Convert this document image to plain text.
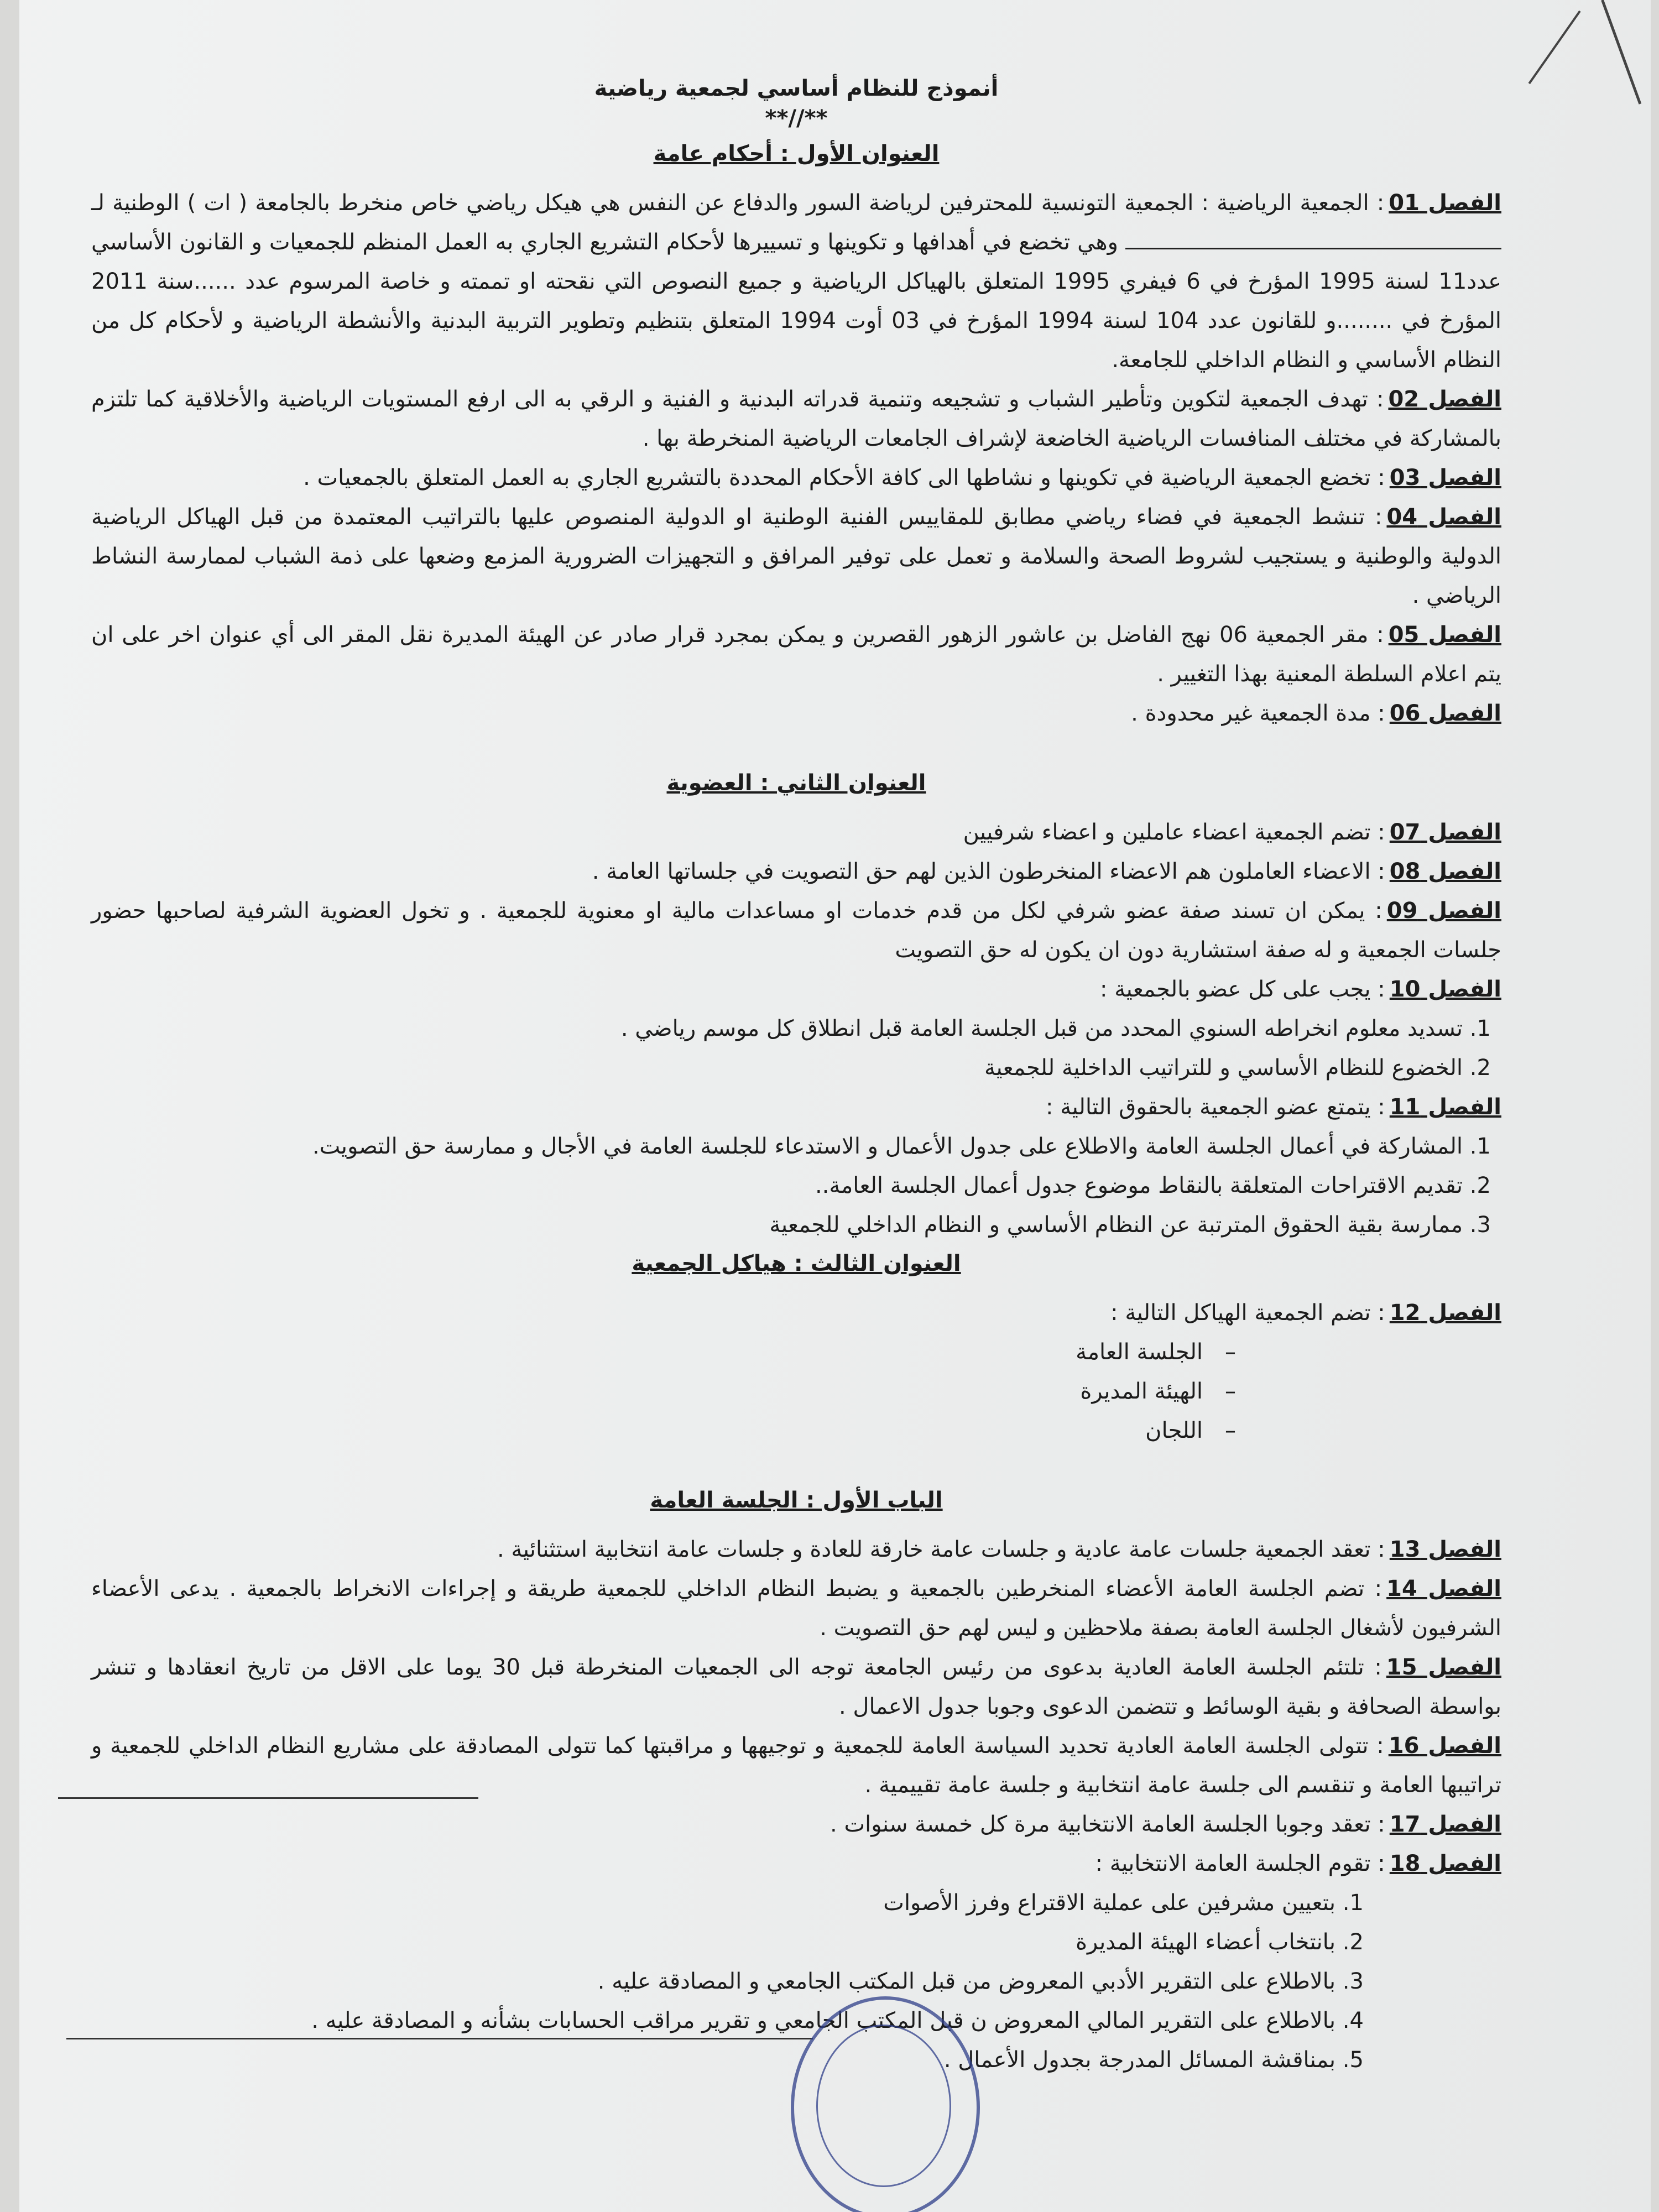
أنموذج للنظام أساسي لجمعية رياضية

**//**

العنوان الأول : أحكام عامة

الفصل 01: الجمعية الرياضية : الجمعية التونسية للمحترفين لرياضة السور والدفاع عن النفس هي هيكل رياضي خاص منخرط بالجامعة ( ات ) الوطنية لـ  وهي تخضع في أهدافها و تكوينها و تسييرها لأحكام التشريع الجاري به العمل المنظم للجمعيات و القانون الأساسي عدد11 لسنة 1995 المؤرخ في 6 فيفري 1995 المتعلق بالهياكل الرياضية و جميع النصوص التي نقحته او تممته و خاصة المرسوم عدد ......سنة 2011 المؤرخ في ........و للقانون عدد 104 لسنة 1994 المؤرخ في 03 أوت 1994 المتعلق بتنظيم وتطوير التربية البدنية والأنشطة الرياضية و لأحكام كل من النظام الأساسي و النظام الداخلي للجامعة.

الفصل 02: تهدف الجمعية لتكوين وتأطير الشباب و تشجيعه وتنمية قدراته البدنية و الفنية و الرقي به الى ارفع المستويات الرياضية والأخلاقية كما تلتزم بالمشاركة في مختلف المنافسات الرياضية الخاضعة لإشراف الجامعات الرياضية المنخرطة بها .

الفصل 03: تخضع الجمعية الرياضية في تكوينها و نشاطها الى كافة الأحكام المحددة بالتشريع الجاري به العمل المتعلق بالجمعيات .

الفصل 04: تنشط الجمعية في فضاء رياضي مطابق للمقاييس الفنية الوطنية او الدولية المنصوص عليها بالتراتيب المعتمدة من قبل الهياكل الرياضية الدولية والوطنية و يستجيب لشروط الصحة والسلامة و تعمل على توفير المرافق و التجهيزات الضرورية المزمع وضعها على ذمة الشباب لممارسة النشاط الرياضي .

الفصل 05: مقر الجمعية 06 نهج الفاضل بن عاشور الزهور القصرين و يمكن بمجرد قرار صادر عن الهيئة المديرة نقل المقر الى أي عنوان اخر على ان يتم اعلام السلطة المعنية بهذا التغيير .

الفصل 06: مدة الجمعية غير محدودة .

العنوان الثاني : العضوية

الفصل 07: تضم الجمعية اعضاء عاملين و اعضاء شرفيين

الفصل 08: الاعضاء العاملون هم الاعضاء المنخرطون الذين لهم حق التصويت في جلساتها العامة .

الفصل 09: يمكن ان تسند صفة عضو شرفي لكل من قدم خدمات او مساعدات مالية او معنوية للجمعية . و تخول العضوية الشرفية لصاحبها حضور جلسات الجمعية و له صفة استشارية دون ان يكون له حق التصويت

الفصل 10: يجب على كل عضو بالجمعية :

1. تسديد معلوم انخراطه السنوي المحدد من قبل الجلسة العامة قبل انطلاق كل موسم رياضي .
2. الخضوع للنظام الأساسي و للتراتيب الداخلية للجمعية

الفصل 11: يتمتع عضو الجمعية بالحقوق التالية :

1. المشاركة في أعمال الجلسة العامة والاطلاع على جدول الأعمال و الاستدعاء للجلسة العامة في الأجال و ممارسة حق التصويت.
2. تقديم الاقتراحات المتعلقة بالنقاط موضوع جدول أعمال الجلسة العامة..
3. ممارسة بقية الحقوق المترتبة عن النظام الأساسي و النظام الداخلي للجمعية

العنوان الثالث : هياكل الجمعية

الفصل 12: تضم الجمعية الهياكل التالية :

– الجلسة العامة
– الهيئة المديرة
– اللجان

الباب الأول : الجلسة العامة

الفصل 13: تعقد الجمعية جلسات عامة عادية و جلسات عامة خارقة للعادة و جلسات عامة انتخابية استثنائية .

الفصل 14: تضم الجلسة العامة الأعضاء المنخرطين بالجمعية و يضبط النظام الداخلي للجمعية طريقة و إجراءات الانخراط بالجمعية . يدعى الأعضاء الشرفيون لأشغال الجلسة العامة بصفة ملاحظين و ليس لهم حق التصويت .

الفصل 15: تلتئم الجلسة العامة العادية بدعوى من رئيس الجامعة توجه الى الجمعيات المنخرطة قبل 30 يوما على الاقل من تاريخ انعقادها و تنشر بواسطة الصحافة و بقية الوسائط و تتضمن الدعوى وجوبا جدول الاعمال .

الفصل 16: تتولى الجلسة العامة العادية تحديد السياسة العامة للجمعية و توجيهها و مراقبتها كما تتولى المصادقة على مشاريع النظام الداخلي للجمعية و تراتيبها العامة و تنقسم الى جلسة عامة انتخابية و جلسة عامة تقييمية .

الفصل 17: تعقد وجوبا الجلسة العامة الانتخابية مرة كل خمسة سنوات .

الفصل 18: تقوم الجلسة العامة الانتخابية :

1. بتعيين مشرفين على عملية الاقتراع وفرز الأصوات
2. بانتخاب أعضاء الهيئة المديرة
3. بالاطلاع على التقرير الأدبي المعروض من قبل المكتب الجامعي و المصادقة عليه .
4. بالاطلاع على التقرير المالي المعروض ن قبل المكتب الجامعي و تقرير مراقب الحسابات بشأنه و المصادقة عليه .
5. بمناقشة المسائل المدرجة بجدول الأعمال .
